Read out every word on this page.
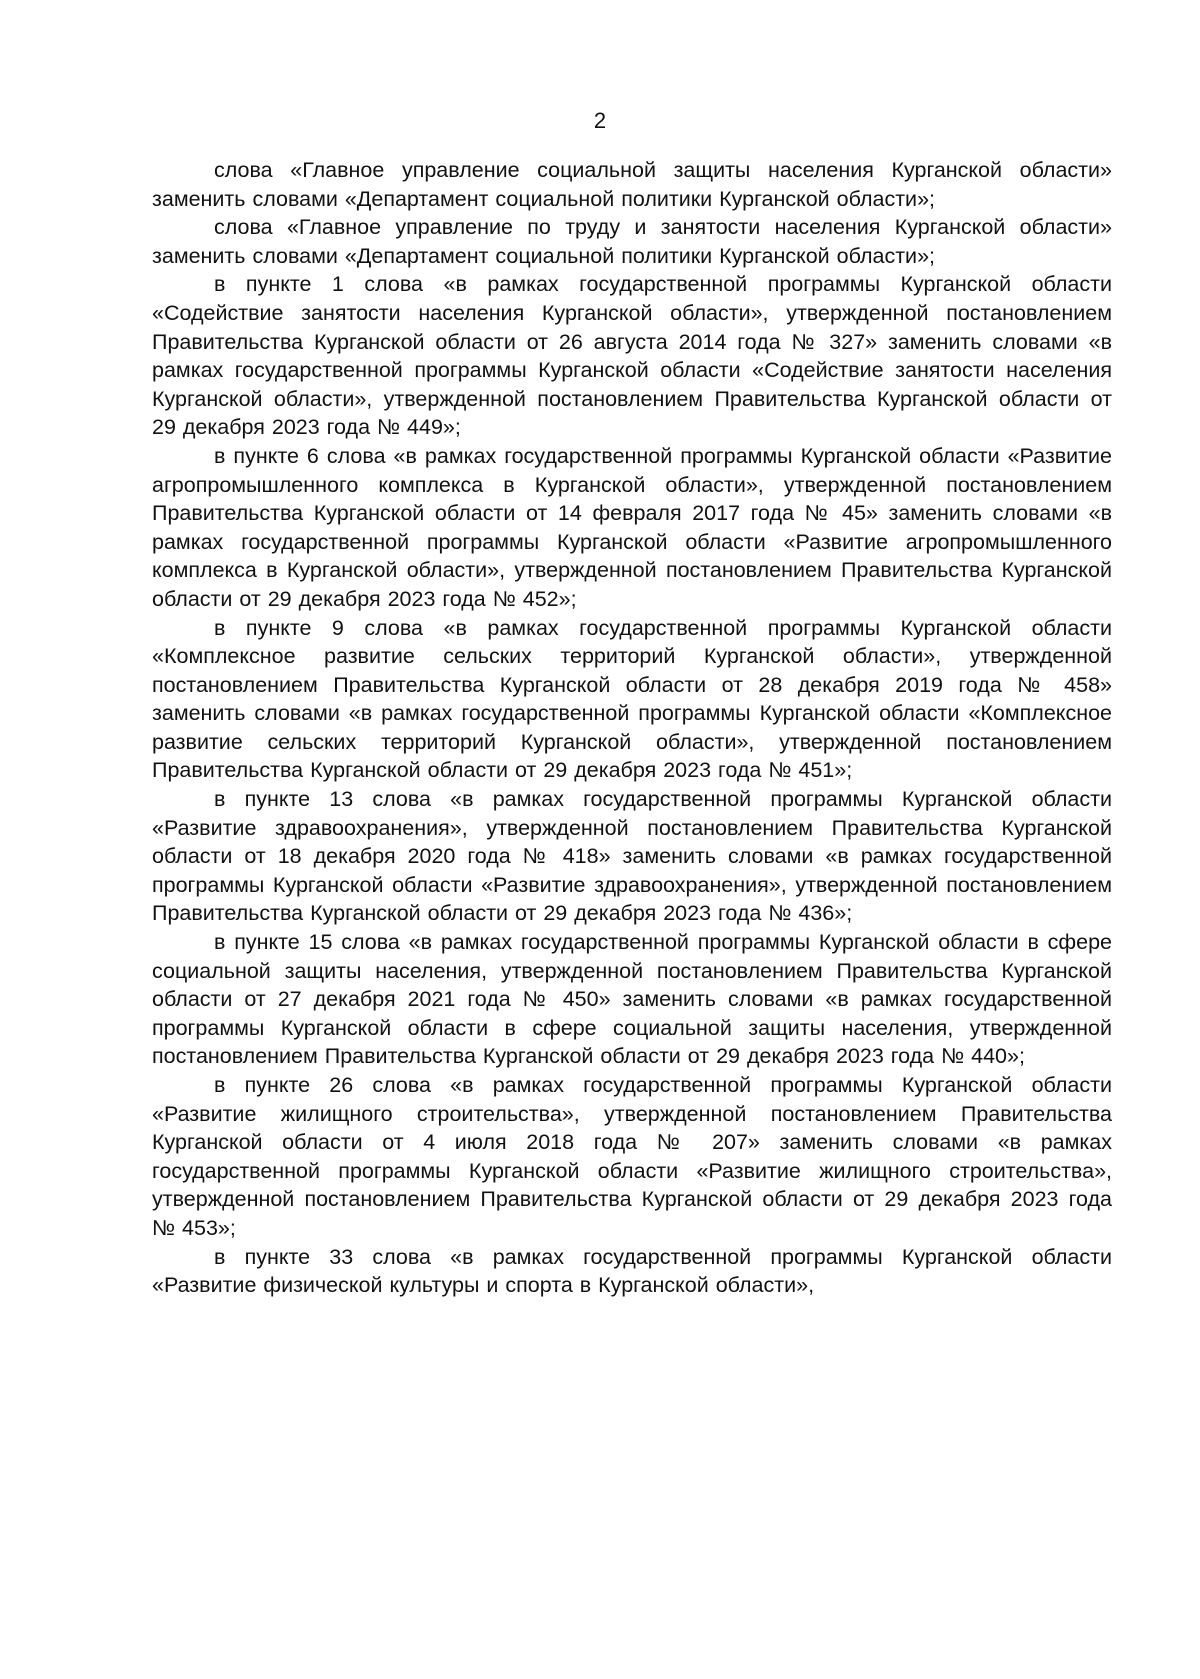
2

слова «Главное управление социальной защиты населения Курганской области» заменить словами «Департамент социальной политики Курганской области»;

слова «Главное управление по труду и занятости населения Курганской области» заменить словами «Департамент социальной политики Курганской области»;

в пункте 1 слова «в рамках государственной программы Курганской области «Содействие занятости населения Курганской области», утвержденной постановлением Правительства Курганской области от 26 августа 2014 года № 327» заменить словами «в рамках государственной программы Курганской области «Содействие занятости населения Курганской области», утвержденной постановлением Правительства Курганской области от 29 декабря 2023 года № 449»;

в пункте 6 слова «в рамках государственной программы Курганской области «Развитие агропромышленного комплекса в Курганской области», утвержденной постановлением Правительства Курганской области от 14 февраля 2017 года № 45» заменить словами «в рамках государственной программы Курганской области «Развитие агропромышленного комплекса в Курганской области», утвержденной постановлением Правительства Курганской области от 29 декабря 2023 года № 452»;

в пункте 9 слова «в рамках государственной программы Курганской области «Комплексное развитие сельских территорий Курганской области», утвержденной постановлением Правительства Курганской области от 28 декабря 2019 года № 458» заменить словами «в рамках государственной программы Курганской области «Комплексное развитие сельских территорий Курганской области», утвержденной постановлением Правительства Курганской области от 29 декабря 2023 года № 451»;

в пункте 13 слова «в рамках государственной программы Курганской области «Развитие здравоохранения», утвержденной постановлением Правительства Курганской области от 18 декабря 2020 года № 418» заменить словами «в рамках государственной программы Курганской области «Развитие здравоохранения», утвержденной постановлением Правительства Курганской области от 29 декабря 2023 года № 436»;

в пункте 15 слова «в рамках государственной программы Курганской области в сфере социальной защиты населения, утвержденной постановлением Правительства Курганской области от 27 декабря 2021 года № 450» заменить словами «в рамках государственной программы Курганской области в сфере социальной защиты населения, утвержденной постановлением Правительства Курганской области от 29 декабря 2023 года № 440»;

в пункте 26 слова «в рамках государственной программы Курганской области «Развитие жилищного строительства», утвержденной постановлением Правительства Курганской области от 4 июля 2018 года № 207» заменить словами «в рамках государственной программы Курганской области «Развитие жилищного строительства», утвержденной постановлением Правительства Курганской области от 29 декабря 2023 года № 453»;

в пункте 33 слова «в рамках государственной программы Курганской области «Развитие физической культуры и спорта в Курганской области»,
